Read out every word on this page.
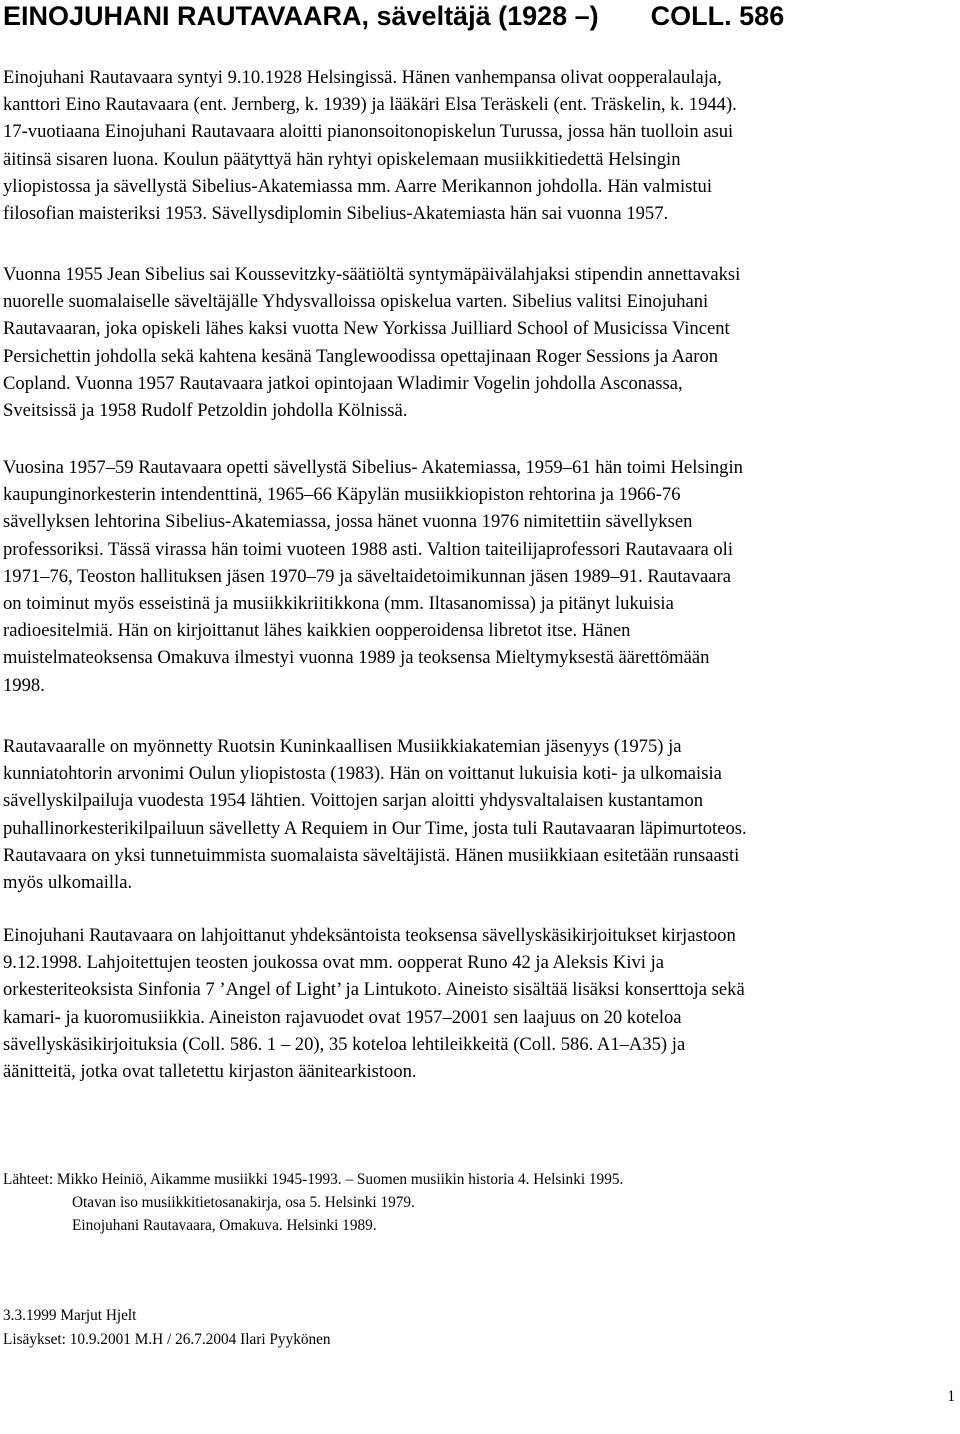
EINOJUHANI RAUTAVAARA, säveltäjä (1928 –) COLL. 586

Einojuhani Rautavaara syntyi 9.10.1928 Helsingissä. Hänen vanhempansa olivat oopperalaulaja,
kanttori Eino Rautavaara (ent. Jernberg, k. 1939) ja lääkäri Elsa Teräskeli (ent. Träskelin, k. 1944).
17-vuotiaana Einojuhani Rautavaara aloitti pianonsoitonopiskelun Turussa, jossa hän tuolloin asui
äitinsä sisaren luona. Koulun päätyttyä hän ryhtyi opiskelemaan musiikkitiedettä Helsingin
yliopistossa ja sävellystä Sibelius-Akatemiassa mm. Aarre Merikannon johdolla. Hän valmistui
filosofian maisteriksi 1953. Sävellysdiplomin Sibelius-Akatemiasta hän sai vuonna 1957.

Vuonna 1955 Jean Sibelius sai Koussevitzky-säätiöltä syntymäpäivälahjaksi stipendin annettavaksi
nuorelle suomalaiselle säveltäjälle Yhdysvalloissa opiskelua varten. Sibelius valitsi Einojuhani
Rautavaaran, joka opiskeli lähes kaksi vuotta New Yorkissa Juilliard School of Musicissa Vincent
Persichettin johdolla sekä kahtena kesänä Tanglewoodissa opettajinaan Roger Sessions ja Aaron
Copland. Vuonna 1957 Rautavaara jatkoi opintojaan Wladimir Vogelin johdolla Asconassa,
Sveitsissä ja 1958 Rudolf Petzoldin johdolla Kölnissä.

Vuosina 1957–59 Rautavaara opetti sävellystä Sibelius- Akatemiassa, 1959–61 hän toimi Helsingin
kaupunginorkesterin intendenttinä, 1965–66 Käpylän musiikkiopiston rehtorina ja 1966-76
sävellyksen lehtorina Sibelius-Akatemiassa, jossa hänet vuonna 1976 nimitettiin sävellyksen
professoriksi. Tässä virassa hän toimi vuoteen 1988 asti. Valtion taiteilijaprofessori Rautavaara oli
1971–76, Teoston hallituksen jäsen 1970–79 ja säveltaidetoimikunnan jäsen 1989–91. Rautavaara
on toiminut myös esseistinä ja musiikkikriitikkona (mm. Iltasanomissa) ja pitänyt lukuisia
radioesitelmiä. Hän on kirjoittanut lähes kaikkien oopperoidensa libretot itse. Hänen
muistelmateoksensa Omakuva ilmestyi vuonna 1989 ja teoksensa Mieltymyksestä äärettömään
1998.

Rautavaaralle on myönnetty Ruotsin Kuninkaallisen Musiikkiakatemian jäsenyys (1975) ja
kunniatohtorin arvonimi Oulun yliopistosta (1983). Hän on voittanut lukuisia koti- ja ulkomaisia
sävellyskilpailuja vuodesta 1954 lähtien. Voittojen sarjan aloitti yhdysvaltalaisen kustantamon
puhallinorkesterikilpailuun sävelletty A Requiem in Our Time, josta tuli Rautavaaran läpimurtoteos.
Rautavaara on yksi tunnetuimmista suomalaista säveltäjistä. Hänen musiikkiaan esitetään runsaasti
myös ulkomailla.

Einojuhani Rautavaara on lahjoittanut yhdeksäntoista teoksensa sävellyskäsikirjoitukset kirjastoon
9.12.1998. Lahjoitettujen teosten joukossa ovat mm. oopperat Runo 42 ja Aleksis Kivi ja
orkesteriteoksista Sinfonia 7 ’Angel of Light’ ja Lintukoto. Aineisto sisältää lisäksi konserttoja sekä
kamari- ja kuoromusiikkia. Aineiston rajavuodet ovat 1957–2001 sen laajuus on 20 koteloa
sävellyskäsikirjoituksia (Coll. 586. 1 – 20), 35 koteloa lehtileikkeitä (Coll. 586. A1–A35) ja
äänitteitä, jotka ovat talletettu kirjaston äänitearkistoon.

Lähteet: Mikko Heiniö, Aikamme musiikki 1945-1993. – Suomen musiikin historia 4. Helsinki 1995.
Otavan iso musiikkitietosanakirja, osa 5. Helsinki 1979.
Einojuhani Rautavaara, Omakuva. Helsinki 1989.
3.3.1999 Marjut Hjelt
Lisäykset: 10.9.2001 M.H / 26.7.2004 Ilari Pyykönen
1
